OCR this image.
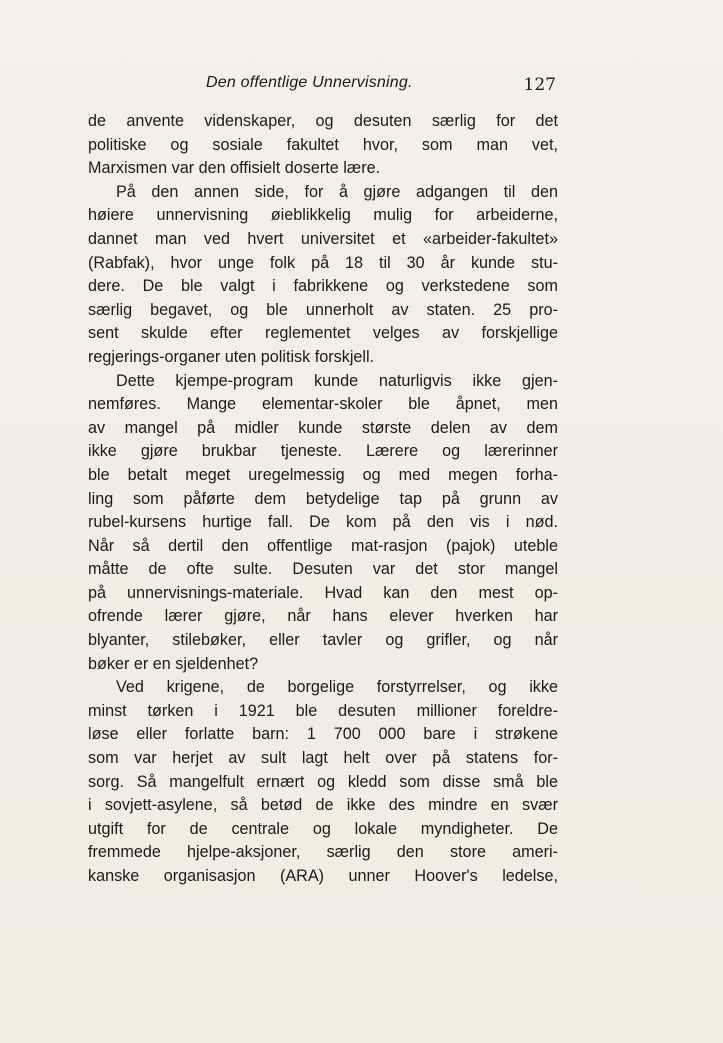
Den offentlige Unnervisning.	127
de anvente videnskaper, og desuten særlig for det
politiske og sosiale fakultet hvor, som man vet,
Marxismen var den offisielt doserte lære.
På den annen side, for å gjøre adgangen til den
høiere unnervisning øieblikkelig mulig for arbeiderne,
dannet man ved hvert universitet et «arbeider-fakultet»
(Rabfak), hvor unge folk på 18 til 30 år kunde stu-
dere. De ble valgt i fabrikkene og verkstedene som
særlig begavet, og ble unnerholt av staten. 25 pro-
sent skulde efter reglementet velges av forskjellige
regjerings-organer uten politisk forskjell.
Dette kjempe-program kunde naturligvis ikke gjen-
nemføres. Mange elementar-skoler ble åpnet, men
av mangel på midler kunde største delen av dem
ikke gjøre brukbar tjeneste. Lærere og lærerinner
ble betalt meget uregelmessig og med megen forha-
ling som påførte dem betydelige tap på grunn av
rubel-kursens hurtige fall. De kom på den vis i nød.
Når så dertil den offentlige mat-rasjon (pajok) uteble
måtte de ofte sulte. Desuten var det stor mangel
på unnervisnings-materiale. Hvad kan den mest op-
ofrende lærer gjøre, når hans elever hverken har
blyanter, stilebøker, eller tavler og grifler, og når
bøker er en sjeldenhet?
Ved krigene, de borgelige forstyrrelser, og ikke
minst tørken i 1921 ble desuten millioner foreldre-
løse eller forlatte barn: 1 700 000 bare i strøkene
som var herjet av sult lagt helt over på statens for-
sorg. Så mangelfult ernært og kledd som disse små ble
i sovjett-asylene, så betød de ikke des mindre en svær
utgift for de centrale og lokale myndigheter. De
fremmede hjelpe-aksjoner, særlig den store ameri-
kanske organisasjon (ARA) unner Hoover's ledelse,
